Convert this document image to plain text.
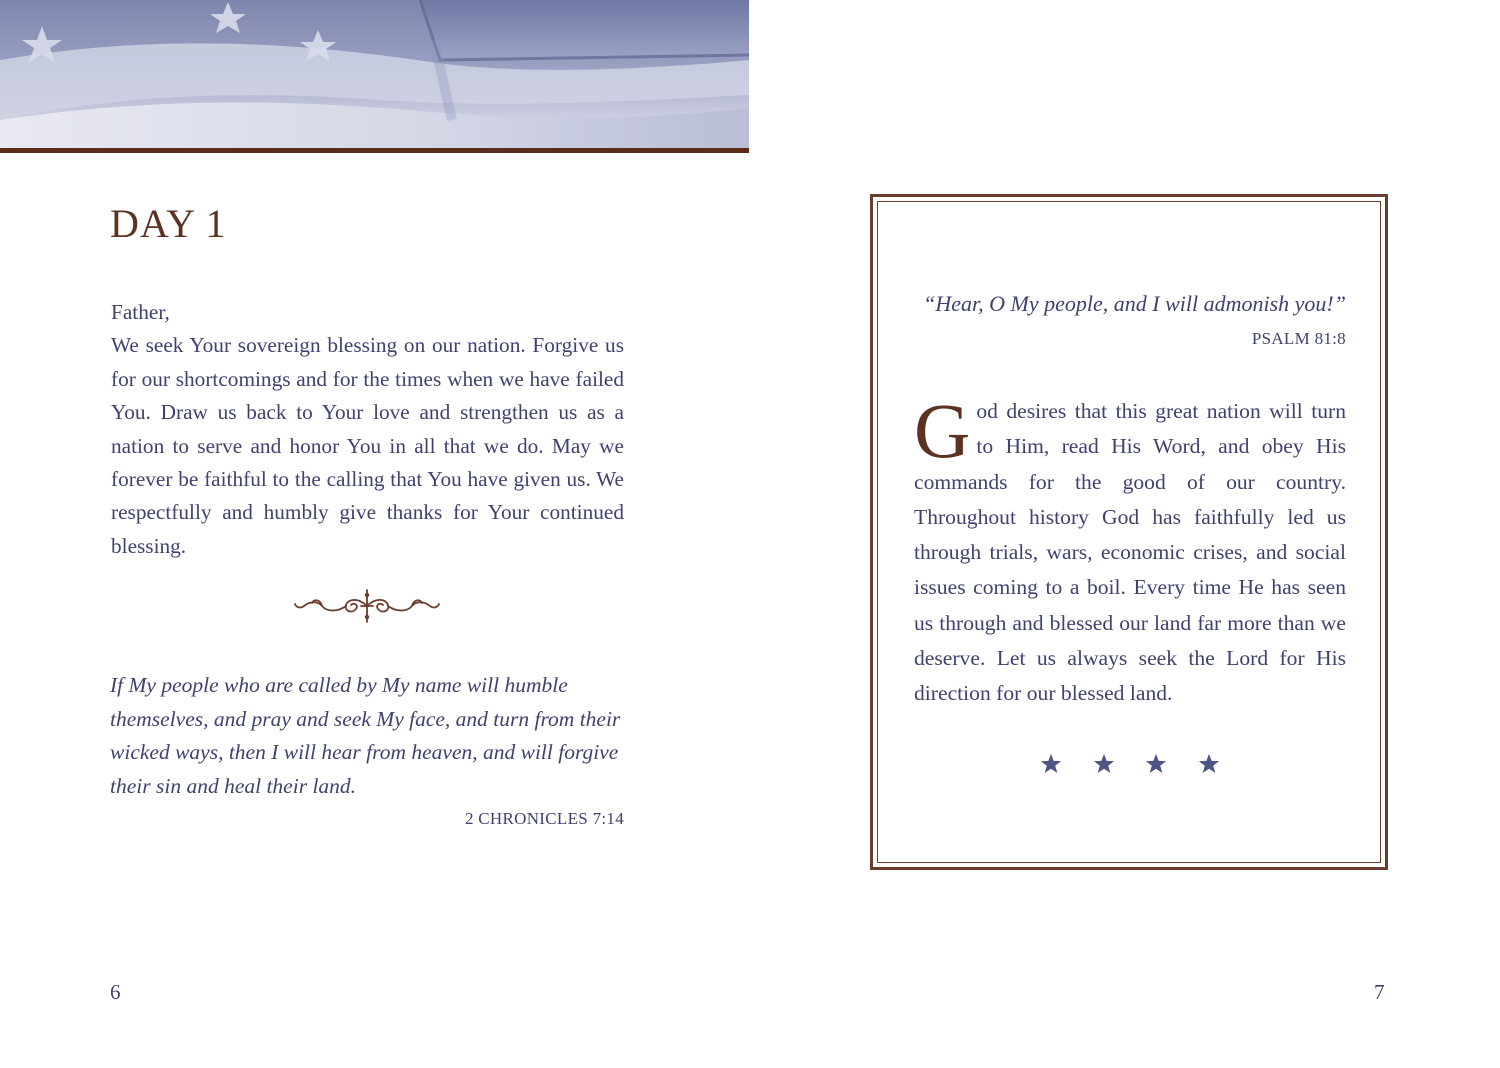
DAY 1

Father,

We seek Your sovereign blessing on our nation. Forgive us for our shortcomings and for the times when we have failed You. Draw us back to Your love and strengthen us as a nation to serve and honor You in all that we do. May we forever be faithful to the calling that You have given us. We respectfully and humbly give thanks for Your continued blessing.

If My people who are called by My name will humble themselves, and pray and seek My face, and turn from their wicked ways, then I will hear from heaven, and will forgive their sin and heal their land.

2 CHRONICLES 7:14
6

“Hear, O My people, and I will admonish you!”

PSALM 81:8

God desires that this great nation will turn to Him, read His Word, and obey His commands for the good of our country. Throughout history God has faithfully led us through trials, wars, economic crises, and social issues coming to a boil. Every time He has seen us through and blessed our land far more than we deserve. Let us always seek the Lord for His direction for our blessed land.

7
